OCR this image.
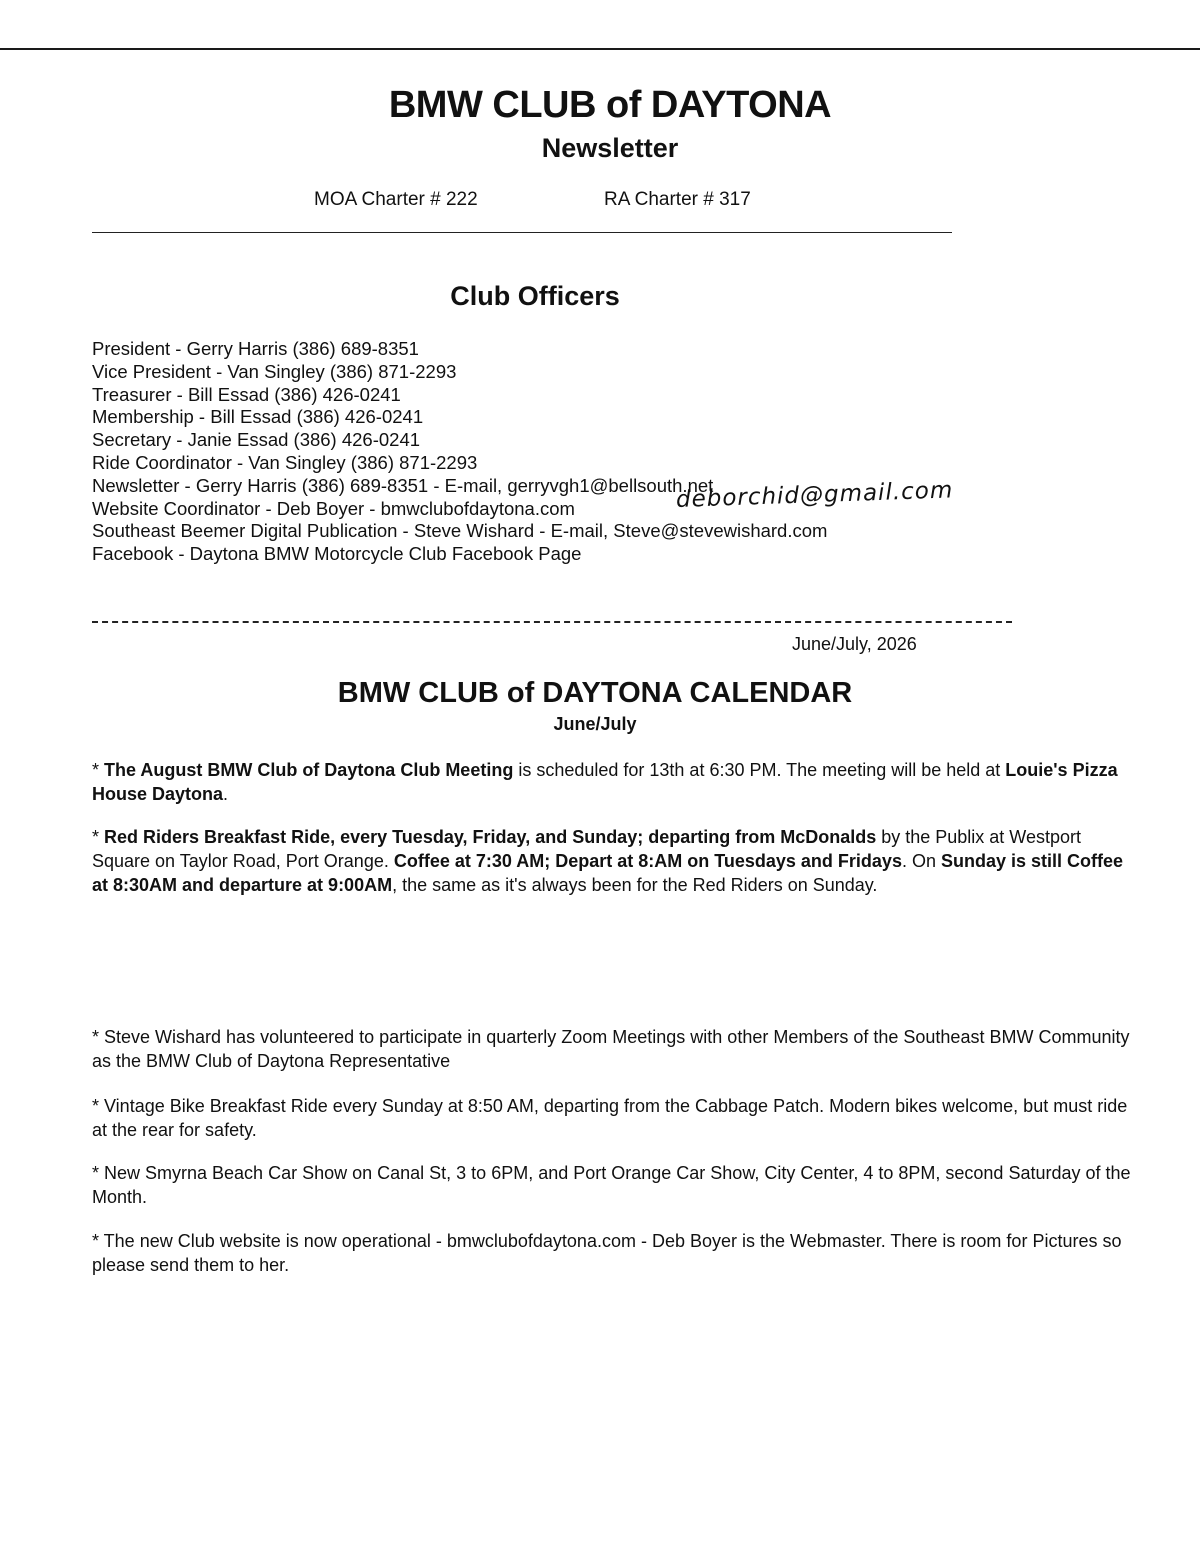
BMW CLUB of DAYTONA
Newsletter
MOA Charter # 222	RA Charter # 317
Club Officers
President - Gerry Harris (386) 689-8351
Vice President - Van Singley (386) 871-2293
Treasurer - Bill Essad (386) 426-0241
Membership - Bill Essad (386) 426-0241
Secretary - Janie Essad (386) 426-0241
Ride Coordinator - Van Singley (386) 871-2293
Newsletter - Gerry Harris (386) 689-8351 - E-mail, gerryvgh1@bellsouth.net
Website Coordinator - Deb Boyer - bmwclubofdaytona.com
Southeast Beemer Digital Publication - Steve Wishard - E-mail, Steve@stevewishard.com
Facebook - Daytona BMW Motorcycle Club Facebook Page
deborchid@gmail.com
June/July, 2026
BMW CLUB of DAYTONA CALENDAR
June/July

* The August BMW Club of Daytona Club Meeting is scheduled for 13th at 6:30 PM. The meeting will be held at Louie's Pizza House Daytona.

* Red Riders Breakfast Ride, every Tuesday, Friday, and Sunday; departing from McDonalds by the Publix at Westport Square on Taylor Road, Port Orange. Coffee at 7:30 AM; Depart at 8:AM on Tuesdays and Fridays. On Sunday is still Coffee at 8:30AM and departure at 9:00AM, the same as it's always been for the Red Riders on Sunday.

* Steve Wishard has volunteered to participate in quarterly Zoom Meetings with other Members of the Southeast BMW Community as the BMW Club of Daytona Representative

* Vintage Bike Breakfast Ride every Sunday at 8:50 AM, departing from the Cabbage Patch. Modern bikes welcome, but must ride at the rear for safety.

* New Smyrna Beach Car Show on Canal St, 3 to 6PM, and Port Orange Car Show, City Center, 4 to 8PM, second Saturday of the Month.

* The new Club website is now operational - bmwclubofdaytona.com - Deb Boyer is the Webmaster. There is room for Pictures so please send them to her.
